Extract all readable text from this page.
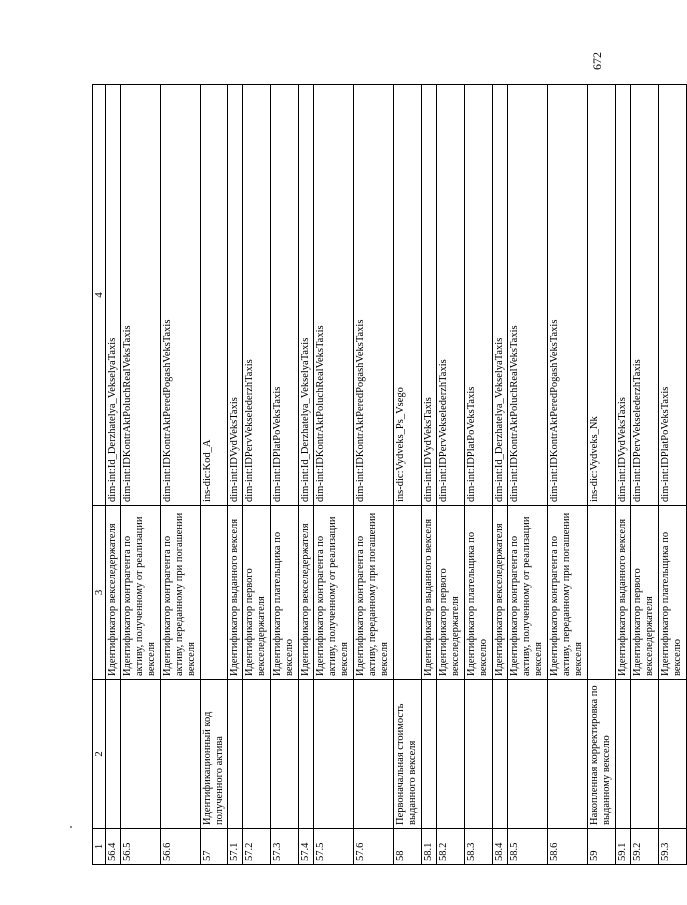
1	2	3	4
56.4		Идентификатор векселедержателя	dim-int:Id_Derzhatelya_VekselyaTaxis
56.5		Идентификатор контрагента по активу, полученному от реализации векселя	dim-int:IDKontrAktPoluchRealVeksTaxis
56.6		Идентификатор контрагента по активу, переданному при погашении векселя	dim-int:IDKontrAktPeredPogashVeksTaxis
57	Идентификационный код полученного актива		ins-dic:Kod_A
57.1		Идентификатор выданного векселя	dim-int:IDVydVeksTaxis
57.2		Идентификатор первого векселедержателя	dim-int:IDPervVekselederzhTaxis
57.3		Идентификатор плательщика по векселю	dim-int:IDPlatPoVeksTaxis
57.4		Идентификатор векселедержателя	dim-int:Id_Derzhatelya_VekselyaTaxis
57.5		Идентификатор контрагента по активу, полученному от реализации векселя	dim-int:IDKontrAktPoluchRealVeksTaxis
57.6		Идентификатор контрагента по активу, переданному при погашении векселя	dim-int:IDKontrAktPeredPogashVeksTaxis
58	Первоначальная стоимость выданного векселя		ins-dic:Vydveks_Ps_Vsego
58.1		Идентификатор выданного векселя	dim-int:IDVydVeksTaxis
58.2		Идентификатор первого векселедержателя	dim-int:IDPervVekselederzhTaxis
58.3		Идентификатор плательщика по векселю	dim-int:IDPlatPoVeksTaxis
58.4		Идентификатор векселедержателя	dim-int:Id_Derzhatelya_VekselyaTaxis
58.5		Идентификатор контрагента по активу, полученному от реализации векселя	dim-int:IDKontrAktPoluchRealVeksTaxis
58.6		Идентификатор контрагента по активу, переданному при погашении векселя	dim-int:IDKontrAktPeredPogashVeksTaxis
59	Накопленная корректировка по выданному векселю		ins-dic:Vydveks_Nk
59.1		Идентификатор выданного векселя	dim-int:IDVydVeksTaxis
59.2		Идентификатор первого векселедержателя	dim-int:IDPervVekselederzhTaxis
59.3		Идентификатор плательщика по векселю	dim-int:IDPlatPoVeksTaxis
672
